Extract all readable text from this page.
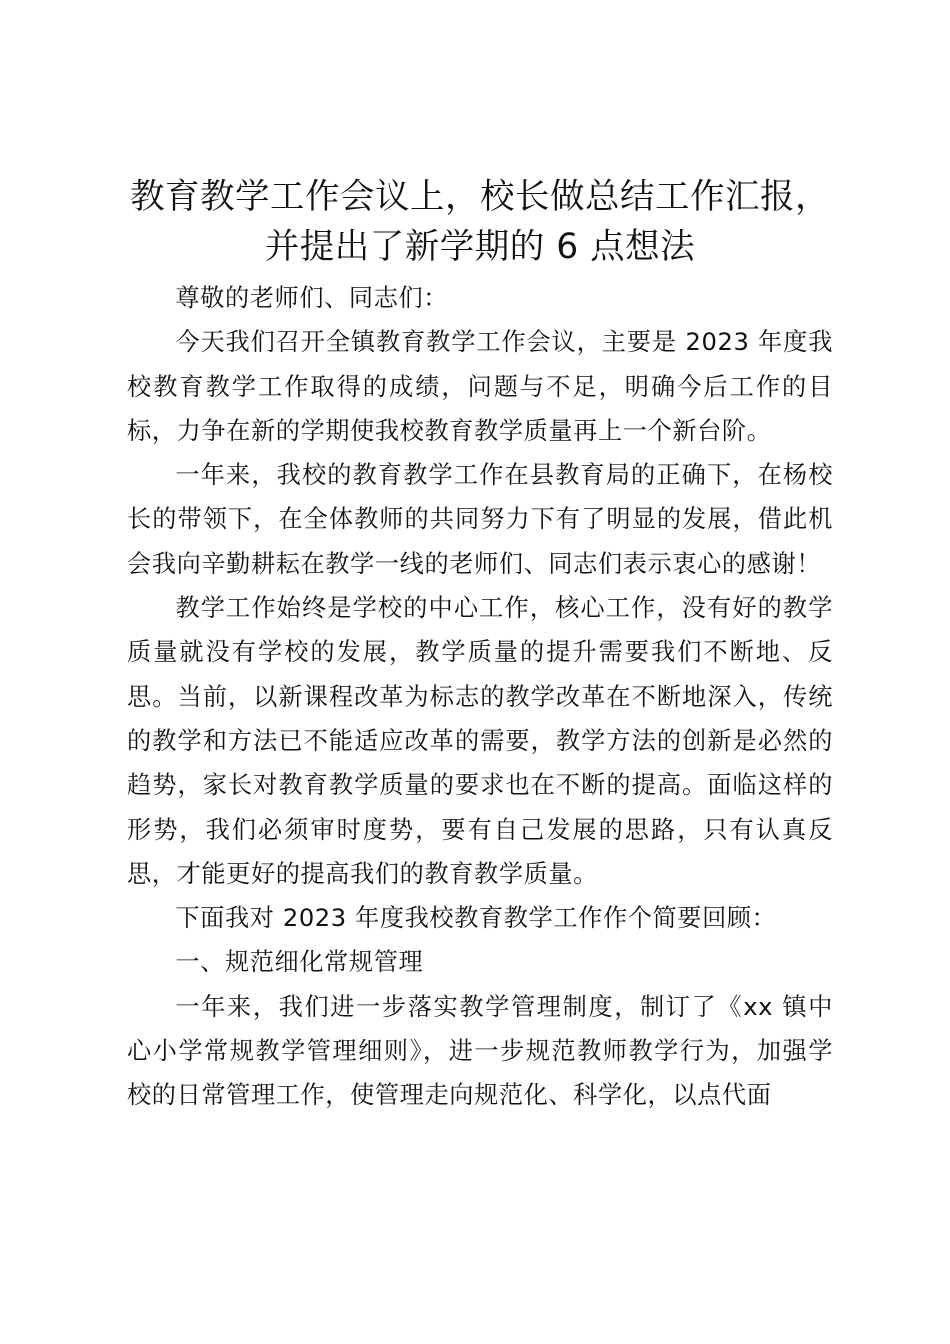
教育教学工作会议上，校长做总结工作汇报，
并提出了新学期的 6 点想法

尊敬的老师们、同志们：

今天我们召开全镇教育教学工作会议，主要是 2023 年度我校教育教学工作取得的成绩，问题与不足，明确今后工作的目标，力争在新的学期使我校教育教学质量再上一个新台阶。

一年来，我校的教育教学工作在县教育局的正确下，在杨校长的带领下，在全体教师的共同努力下有了明显的发展，借此机会我向辛勤耕耘在教学一线的老师们、同志们表示衷心的感谢！

教学工作始终是学校的中心工作，核心工作，没有好的教学质量就没有学校的发展，教学质量的提升需要我们不断地、反思。当前，以新课程改革为标志的教学改革在不断地深入，传统的教学和方法已不能适应改革的需要，教学方法的创新是必然的趋势，家长对教育教学质量的要求也在不断的提高。面临这样的形势，我们必须审时度势，要有自己发展的思路，只有认真反思，才能更好的提高我们的教育教学质量。

下面我对 2023 年度我校教育教学工作作个简要回顾：

一、规范细化常规管理

一年来，我们进一步落实教学管理制度，制订了《xx 镇中心小学常规教学管理细则》，进一步规范教师教学行为，加强学校的日常管理工作，使管理走向规范化、科学化，以点代面
